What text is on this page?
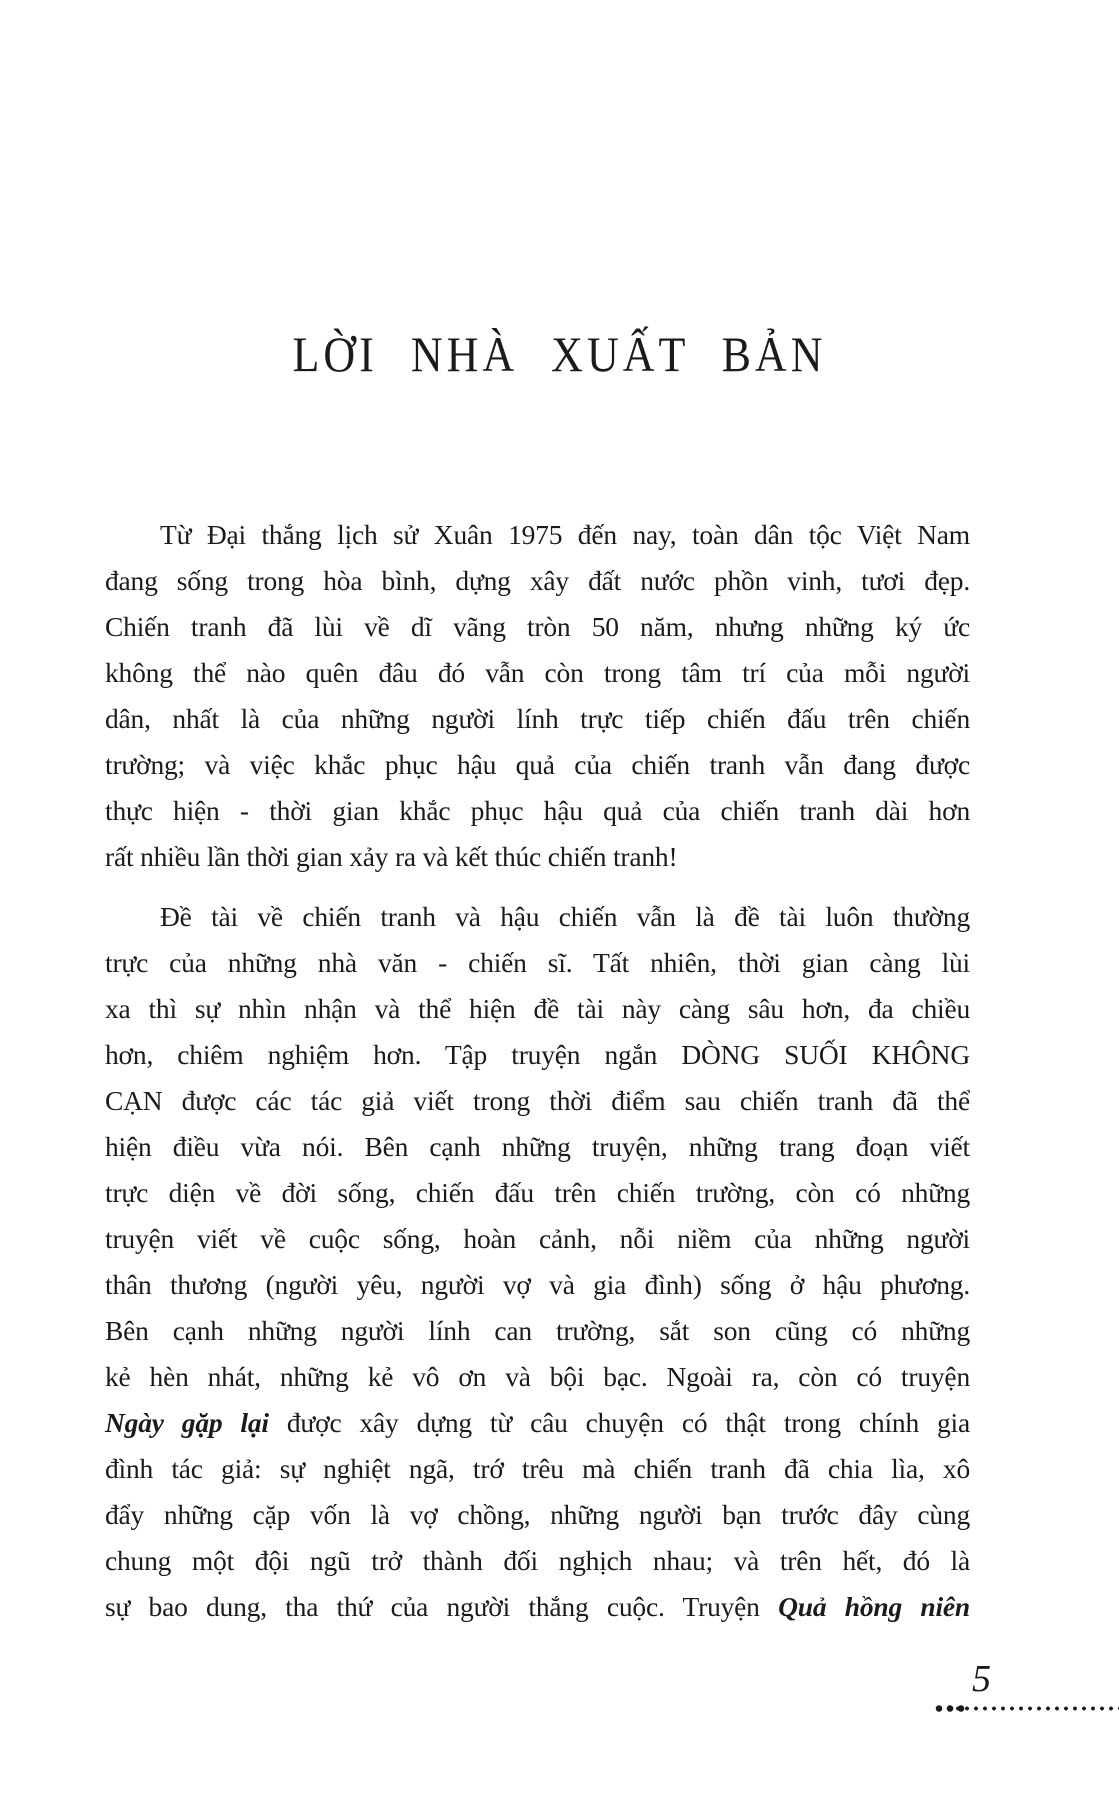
LỜI NHÀ XUẤT BẢN
Từ Đại thắng lịch sử Xuân 1975 đến nay, toàn dân tộc Việt Nam
đang sống trong hòa bình, dựng xây đất nước phồn vinh, tươi đẹp.
Chiến tranh đã lùi về dĩ vãng tròn 50 năm, nhưng những ký ức
không thể nào quên đâu đó vẫn còn trong tâm trí của mỗi người
dân, nhất là của những người lính trực tiếp chiến đấu trên chiến
trường; và việc khắc phục hậu quả của chiến tranh vẫn đang được
thực hiện - thời gian khắc phục hậu quả của chiến tranh dài hơn
rất nhiều lần thời gian xảy ra và kết thúc chiến tranh!
Đề tài về chiến tranh và hậu chiến vẫn là đề tài luôn thường
trực của những nhà văn - chiến sĩ. Tất nhiên, thời gian càng lùi
xa thì sự nhìn nhận và thể hiện đề tài này càng sâu hơn, đa chiều
hơn, chiêm nghiệm hơn. Tập truyện ngắn DÒNG SUỐI KHÔNG
CẠN được các tác giả viết trong thời điểm sau chiến tranh đã thể
hiện điều vừa nói. Bên cạnh những truyện, những trang đoạn viết
trực diện về đời sống, chiến đấu trên chiến trường, còn có những
truyện viết về cuộc sống, hoàn cảnh, nỗi niềm của những người
thân thương (người yêu, người vợ và gia đình) sống ở hậu phương.
Bên cạnh những người lính can trường, sắt son cũng có những
kẻ hèn nhát, những kẻ vô ơn và bội bạc. Ngoài ra, còn có truyện
Ngày gặp lại được xây dựng từ câu chuyện có thật trong chính gia
đình tác giả: sự nghiệt ngã, trớ trêu mà chiến tranh đã chia lìa, xô
đẩy những cặp vốn là vợ chồng, những người bạn trước đây cùng
chung một đội ngũ trở thành đối nghịch nhau; và trên hết, đó là
sự bao dung, tha thứ của người thắng cuộc. Truyện Quả hồng niên
5
